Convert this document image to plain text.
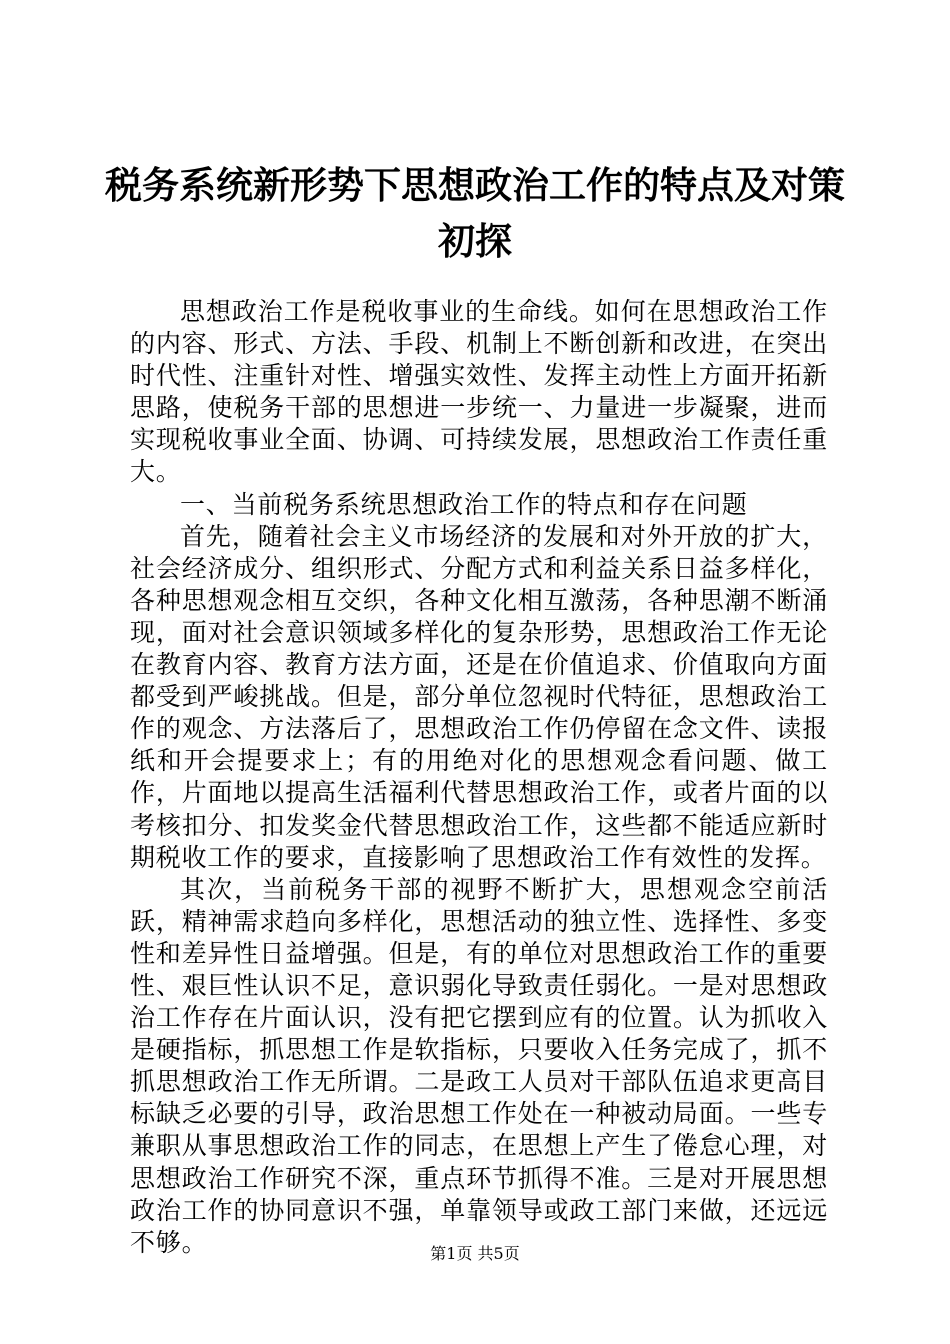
税务系统新形势下思想政治工作的特点及对策
初探

思想政治工作是税收事业的生命线。如何在思想政治工作的内容、形式、方法、手段、机制上不断创新和改进，在突出时代性、注重针对性、增强实效性、发挥主动性上方面开拓新思路，使税务干部的思想进一步统一、力量进一步凝聚，进而实现税收事业全面、协调、可持续发展，思想政治工作责任重大。

一、当前税务系统思想政治工作的特点和存在问题

首先，随着社会主义市场经济的发展和对外开放的扩大，社会经济成分、组织形式、分配方式和利益关系日益多样化，各种思想观念相互交织，各种文化相互激荡，各种思潮不断涌现，面对社会意识领域多样化的复杂形势，思想政治工作无论在教育内容、教育方法方面，还是在价值追求、价值取向方面都受到严峻挑战。但是，部分单位忽视时代特征，思想政治工作的观念、方法落后了，思想政治工作仍停留在念文件、读报纸和开会提要求上；有的用绝对化的思想观念看问题、做工作，片面地以提高生活福利代替思想政治工作，或者片面的以考核扣分、扣发奖金代替思想政治工作，这些都不能适应新时期税收工作的要求，直接影响了思想政治工作有效性的发挥。

其次，当前税务干部的视野不断扩大，思想观念空前活跃，精神需求趋向多样化，思想活动的独立性、选择性、多变性和差异性日益增强。但是，有的单位对思想政治工作的重要性、艰巨性认识不足，意识弱化导致责任弱化。一是对思想政治工作存在片面认识，没有把它摆到应有的位置。认为抓收入是硬指标，抓思想工作是软指标，只要收入任务完成了，抓不抓思想政治工作无所谓。二是政工人员对干部队伍追求更高目标缺乏必要的引导，政治思想工作处在一种被动局面。一些专兼职从事思想政治工作的同志，在思想上产生了倦怠心理，对思想政治工作研究不深，重点环节抓得不准。三是对开展思想政治工作的协同意识不强，单靠领导或政工部门来做，还远远不够。	第1页 共5页
